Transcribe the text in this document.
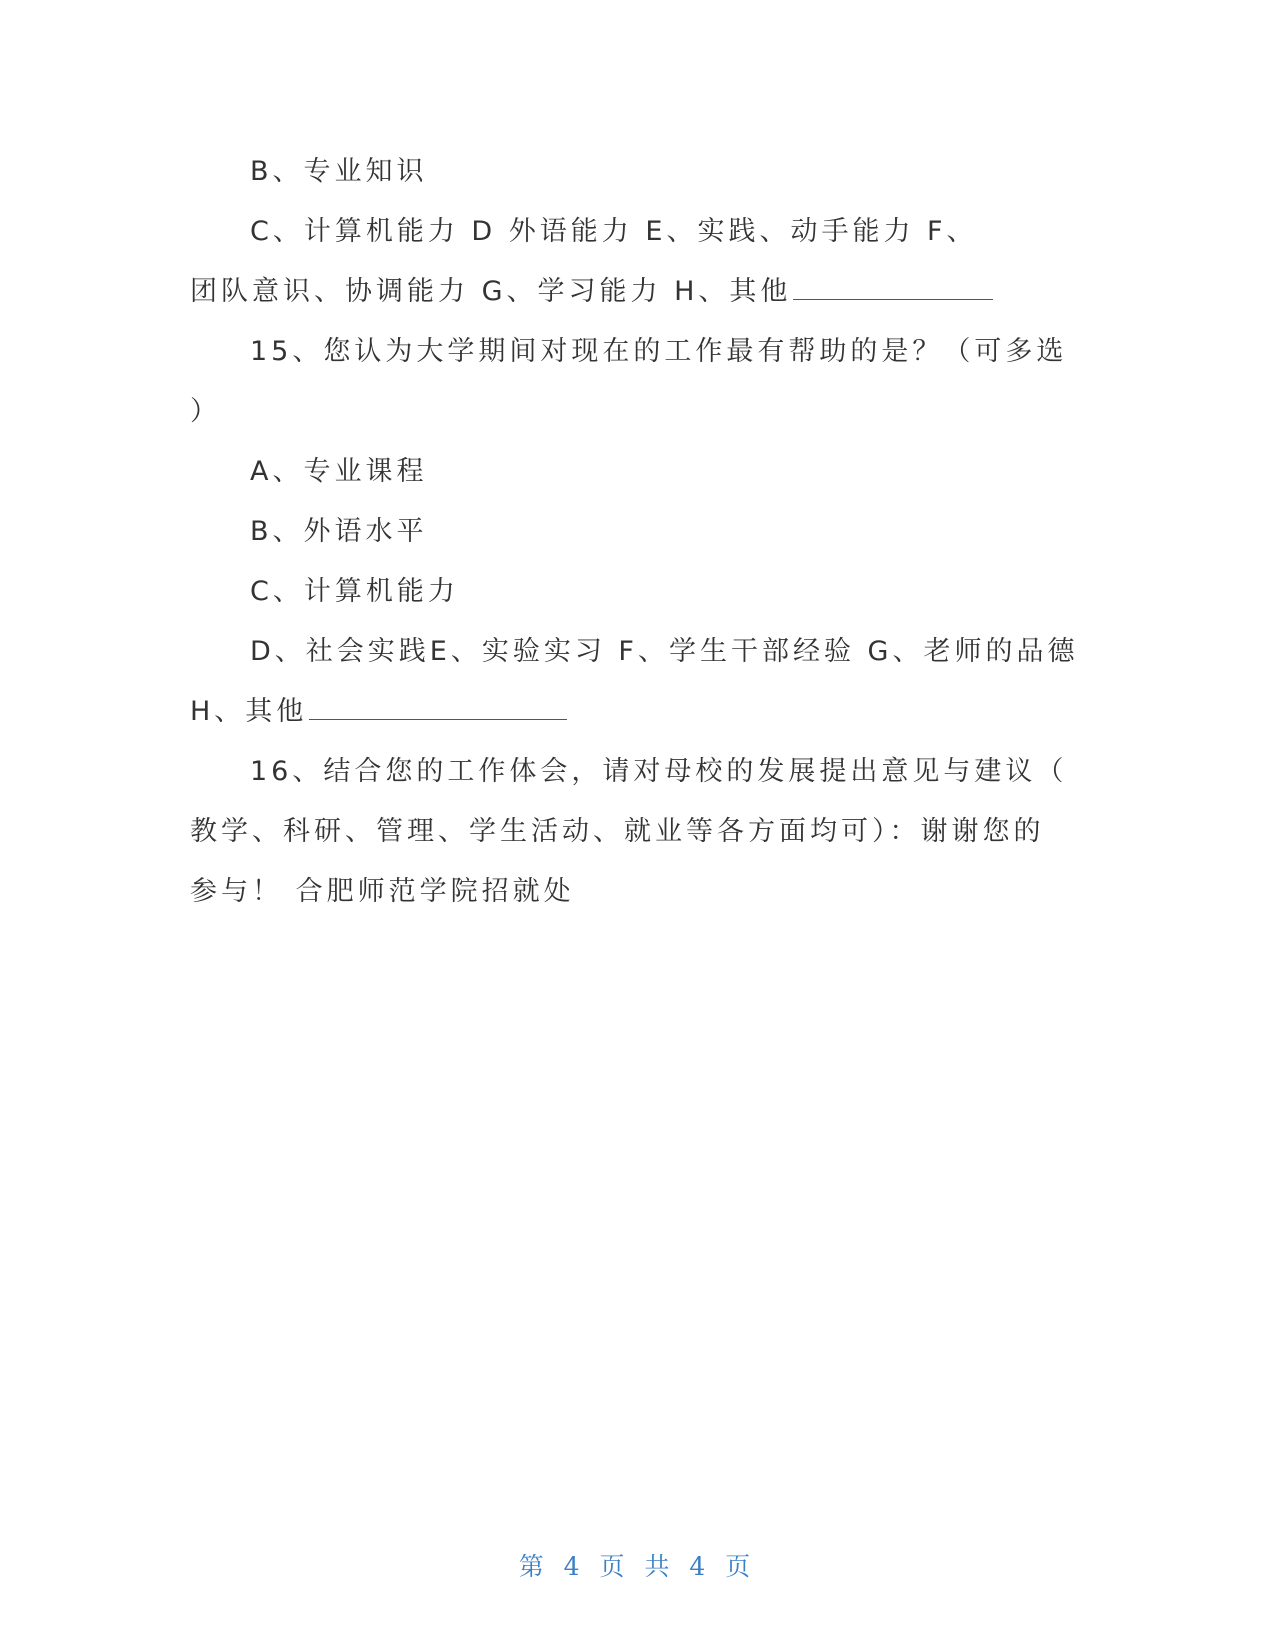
B、专业知识
C、计算机能力 D 外语能力 E、实践、动手能力 F、
团队意识、协调能力 G、学习能力 H、其他
15、您认为大学期间对现在的工作最有帮助的是？（可多选
）
A、专业课程
B、外语水平
C、计算机能力
D、社会实践E、实验实习 F、学生干部经验 G、老师的品德
H、其他
16、结合您的工作体会，请对母校的发展提出意见与建议（
教学、科研、管理、学生活动、就业等各方面均可）：谢谢您的
参与！ 合肥师范学院招就处
第 4 页 共 4 页
